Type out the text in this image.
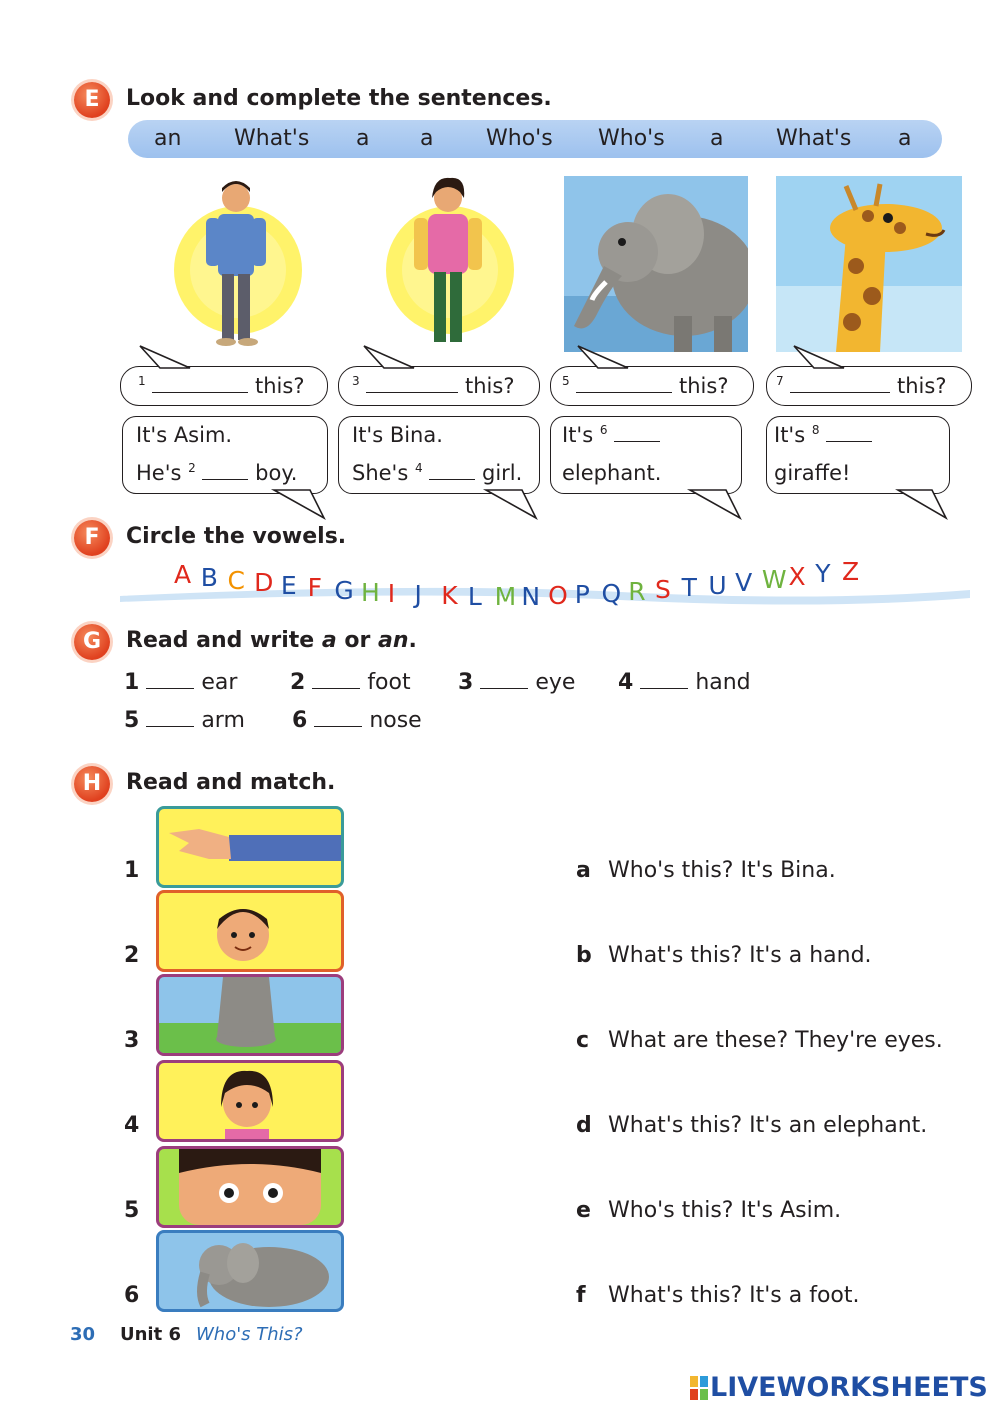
E	Look and complete the sentences.
an What's a a Who's Who's a What's a
$^1$	this?	$^3$	this?	$^5$	this?	$^7$	this?
It's Asim.
He's $^2$	boy.
It's Bina.
She's $^4$	girl.
It's $^6$
elephant.
It's $^8$
giraffe!
F	Circle the vowels.
A B C D E F G H I J K L M N O P Q R S T U V W X Y Z
G	Read and write a or an.
1	ear 2	foot 3	eye 4	hand
5	arm 6	nose
H	Read and match.
1
2
3
4
5
6
a Who's this? It's Bina.
b What's this? It's a hand.
c What are these? They're eyes.
d What's this? It's an elephant.
e Who's this? It's Asim.
f What's this? It's a foot.
30 Unit 6 Who's This?
LIVEWORKSHEETS
